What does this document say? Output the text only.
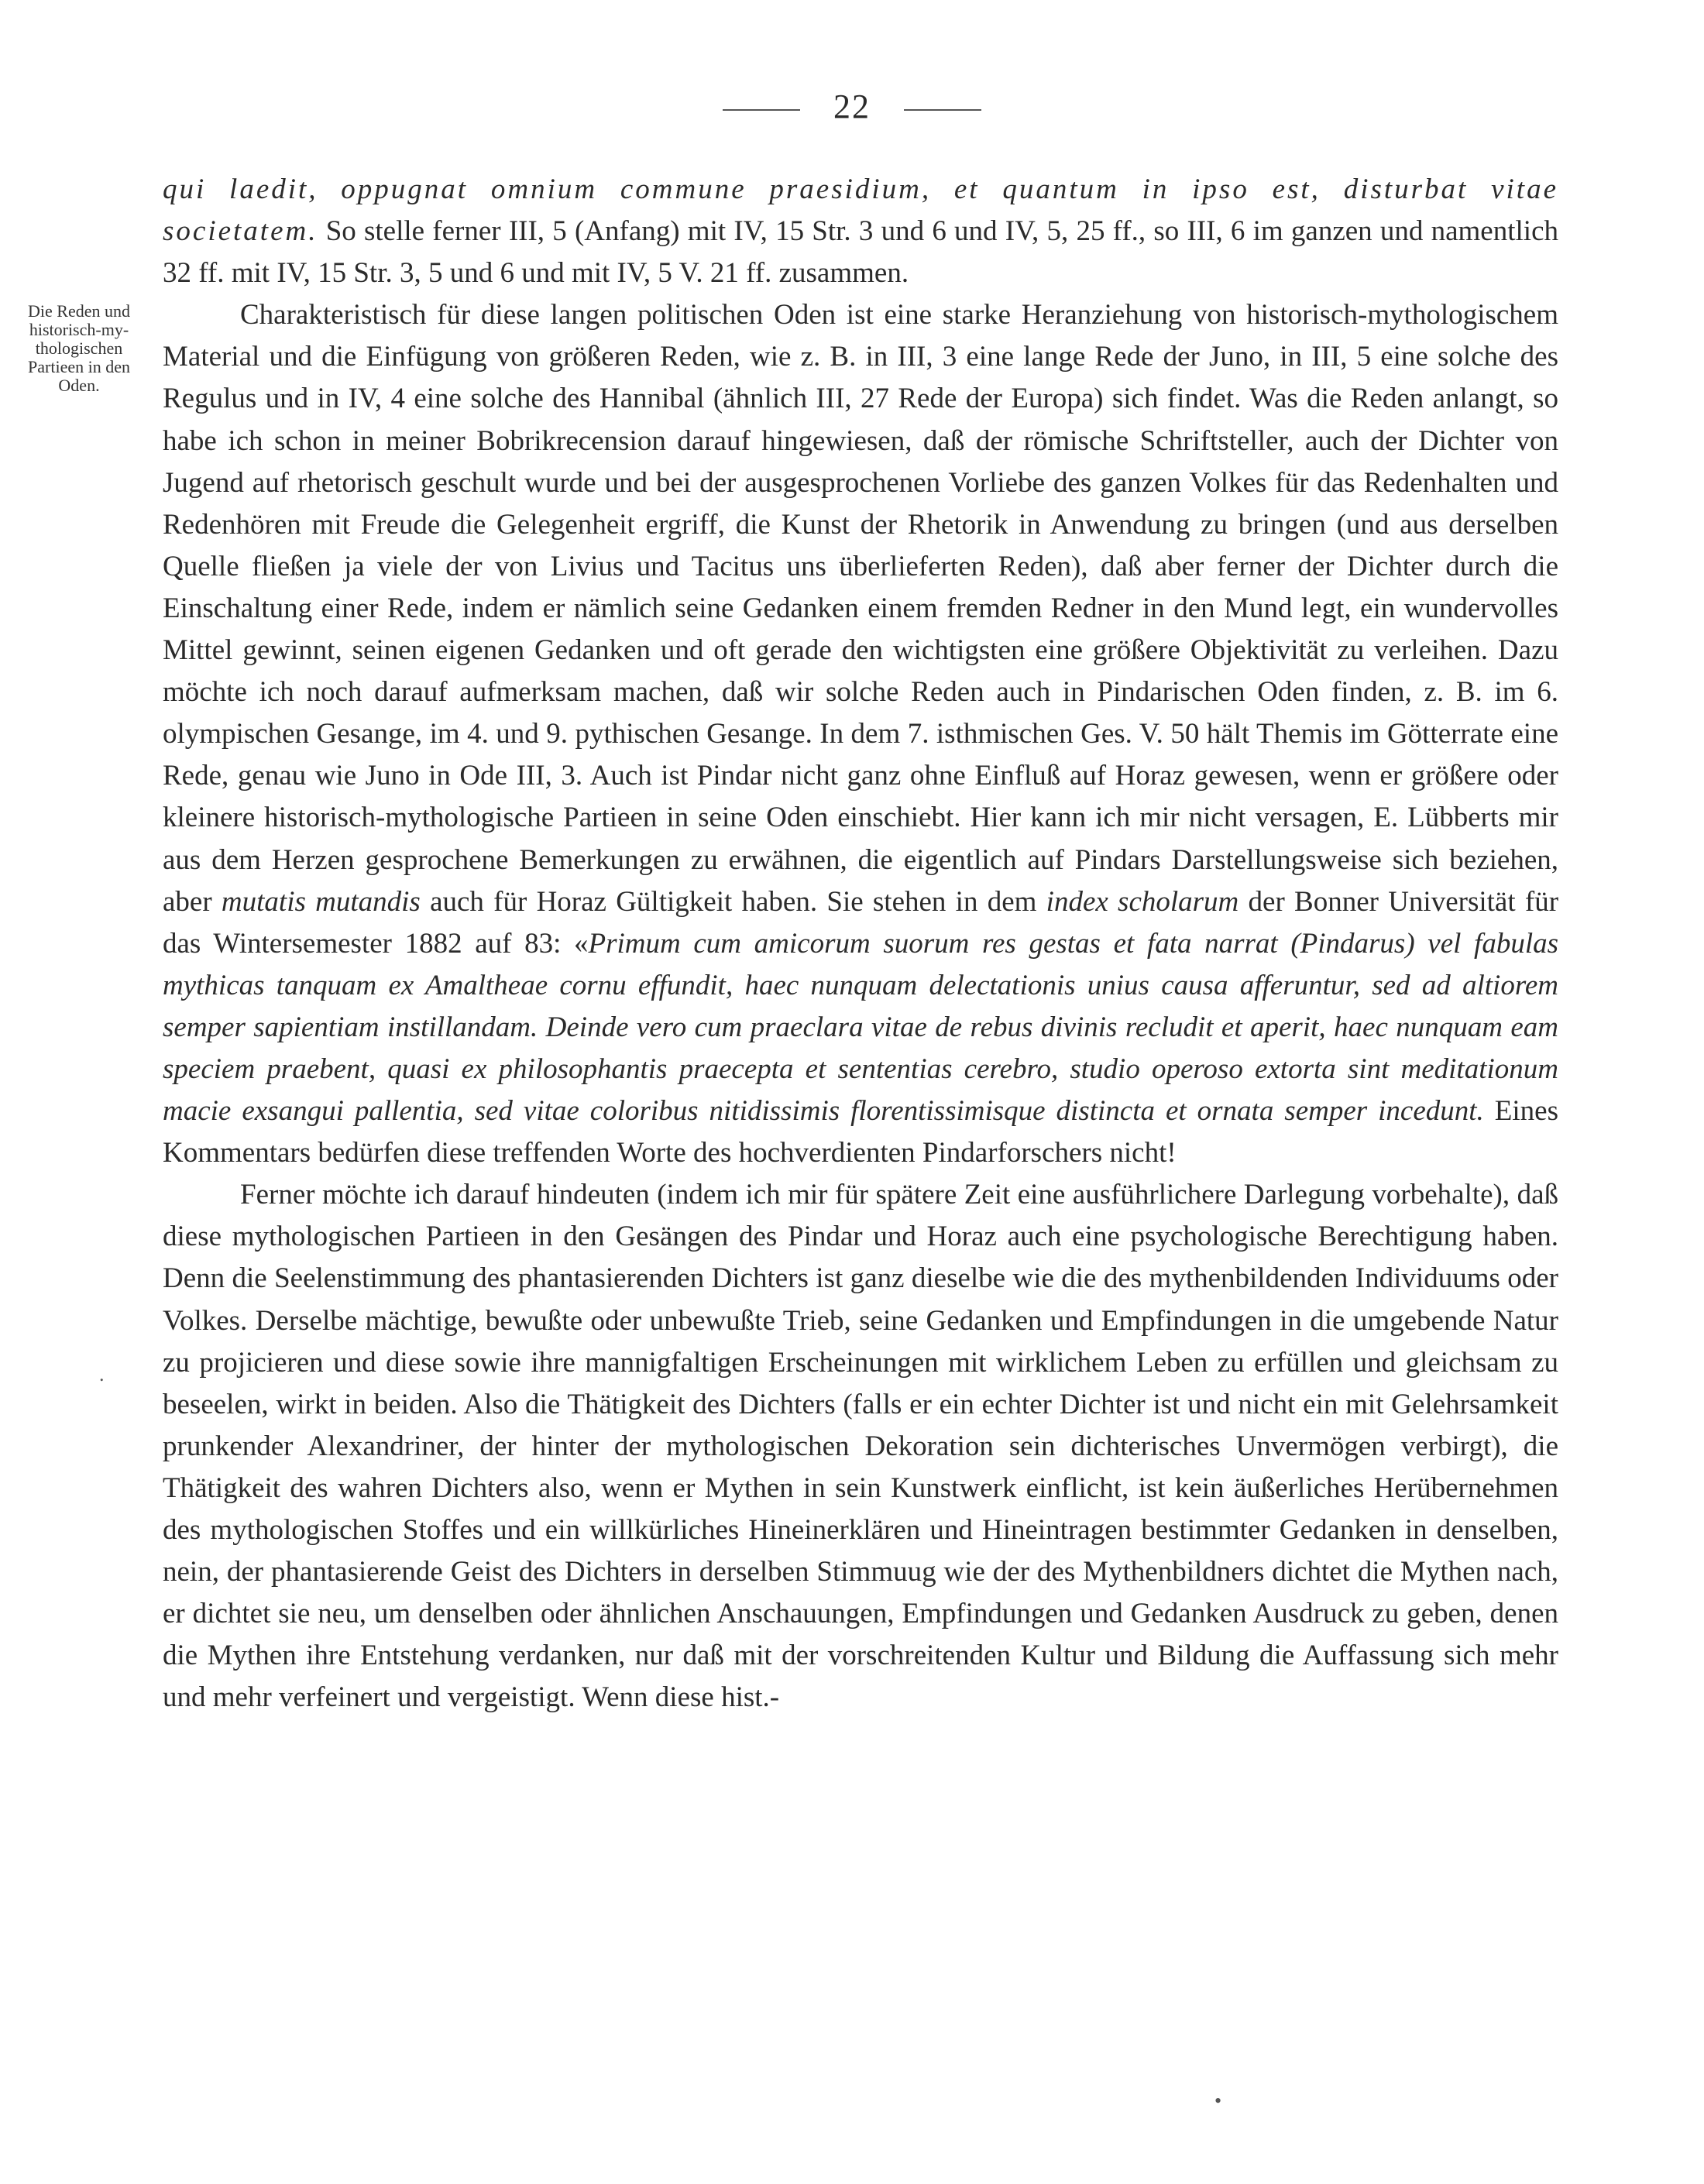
22
Die Reden und
historisch-my-
thologischen
Partieen in den
Oden.

qui laedit, oppugnat omnium commune praesidium, et quantum in ipso est, disturbat vitae societatem. So stelle ferner III, 5 (Anfang) mit IV, 15 Str. 3 und 6 und IV, 5, 25 ff., so III, 6 im ganzen und namentlich 32 ff. mit IV, 15 Str. 3, 5 und 6 und mit IV, 5 V. 21 ff. zusammen.

Charakteristisch für diese langen politischen Oden ist eine starke Heranziehung von historisch-mythologischem Material und die Einfügung von größeren Reden, wie z. B. in III, 3 eine lange Rede der Juno, in III, 5 eine solche des Regulus und in IV, 4 eine solche des Hannibal (ähnlich III, 27 Rede der Europa) sich findet. Was die Reden anlangt, so habe ich schon in meiner Bobrikrecension darauf hingewiesen, daß der römische Schriftsteller, auch der Dichter von Jugend auf rhetorisch geschult wurde und bei der ausgesprochenen Vorliebe des ganzen Volkes für das Redenhalten und Redenhören mit Freude die Gelegenheit ergriff, die Kunst der Rhetorik in Anwendung zu bringen (und aus derselben Quelle fließen ja viele der von Livius und Tacitus uns überlieferten Reden), daß aber ferner der Dichter durch die Einschaltung einer Rede, indem er nämlich seine Gedanken einem fremden Redner in den Mund legt, ein wundervolles Mittel gewinnt, seinen eigenen Gedanken und oft gerade den wichtigsten eine größere Objektivität zu verleihen. Dazu möchte ich noch darauf aufmerksam machen, daß wir solche Reden auch in Pindarischen Oden finden, z. B. im 6. olympischen Gesange, im 4. und 9. pythischen Gesange. In dem 7. isthmischen Ges. V. 50 hält Themis im Götterrate eine Rede, genau wie Juno in Ode III, 3. Auch ist Pindar nicht ganz ohne Einfluß auf Horaz gewesen, wenn er größere oder kleinere historisch-mythologische Partieen in seine Oden einschiebt. Hier kann ich mir nicht versagen, E. Lübberts mir aus dem Herzen gesprochene Bemerkungen zu erwähnen, die eigentlich auf Pindars Darstellungsweise sich beziehen, aber mutatis mutandis auch für Horaz Gültigkeit haben. Sie stehen in dem index scholarum der Bonner Universität für das Wintersemester 1882 auf 83: «Primum cum amicorum suorum res gestas et fata narrat (Pindarus) vel fabulas mythicas tanquam ex Amaltheae cornu effundit, haec nunquam delectationis unius causa afferuntur, sed ad altiorem semper sapientiam instillandam. Deinde vero cum praeclara vitae de rebus divinis recludit et aperit, haec nunquam eam speciem praebent, quasi ex philosophantis praecepta et sententias cerebro, studio operoso extorta sint meditationum macie exsangui pallentia, sed vitae coloribus nitidissimis florentissimisque distincta et ornata semper incedunt. Eines Kommentars bedürfen diese treffenden Worte des hochverdienten Pindarforschers nicht!

Ferner möchte ich darauf hindeuten (indem ich mir für spätere Zeit eine ausführlichere Darlegung vorbehalte), daß diese mythologischen Partieen in den Gesängen des Pindar und Horaz auch eine psychologische Berechtigung haben. Denn die Seelenstimmung des phantasierenden Dichters ist ganz dieselbe wie die des mythenbildenden Individuums oder Volkes. Derselbe mächtige, bewußte oder unbewußte Trieb, seine Gedanken und Empfindungen in die umgebende Natur zu projicieren und diese sowie ihre mannigfaltigen Erscheinungen mit wirklichem Leben zu erfüllen und gleichsam zu beseelen, wirkt in beiden. Also die Thätigkeit des Dichters (falls er ein echter Dichter ist und nicht ein mit Gelehrsamkeit prunkender Alexandriner, der hinter der mythologischen Dekoration sein dichterisches Unvermögen verbirgt), die Thätigkeit des wahren Dichters also, wenn er Mythen in sein Kunstwerk einflicht, ist kein äußerliches Herübernehmen des mythologischen Stoffes und ein willkürliches Hineinerklären und Hineintragen bestimmter Gedanken in denselben, nein, der phantasierende Geist des Dichters in derselben Stimmuug wie der des Mythenbildners dichtet die Mythen nach, er dichtet sie neu, um denselben oder ähnlichen Anschauungen, Empfindungen und Gedanken Ausdruck zu geben, denen die Mythen ihre Entstehung verdanken, nur daß mit der vorschreitenden Kultur und Bildung die Auffassung sich mehr und mehr verfeinert und vergeistigt. Wenn diese hist.-

.
•
